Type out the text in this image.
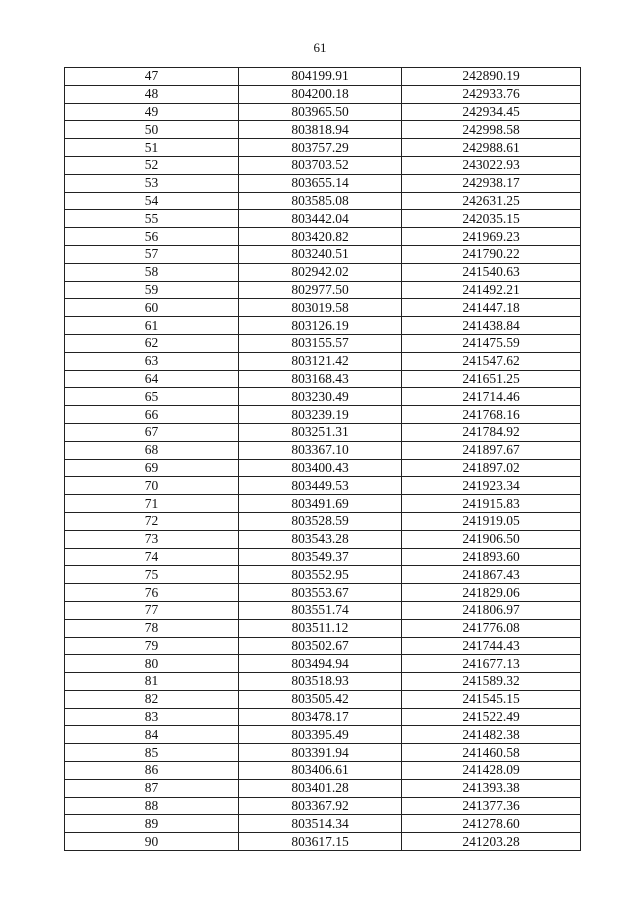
61
47	804199.91	242890.19
48	804200.18	242933.76
49	803965.50	242934.45
50	803818.94	242998.58
51	803757.29	242988.61
52	803703.52	243022.93
53	803655.14	242938.17
54	803585.08	242631.25
55	803442.04	242035.15
56	803420.82	241969.23
57	803240.51	241790.22
58	802942.02	241540.63
59	802977.50	241492.21
60	803019.58	241447.18
61	803126.19	241438.84
62	803155.57	241475.59
63	803121.42	241547.62
64	803168.43	241651.25
65	803230.49	241714.46
66	803239.19	241768.16
67	803251.31	241784.92
68	803367.10	241897.67
69	803400.43	241897.02
70	803449.53	241923.34
71	803491.69	241915.83
72	803528.59	241919.05
73	803543.28	241906.50
74	803549.37	241893.60
75	803552.95	241867.43
76	803553.67	241829.06
77	803551.74	241806.97
78	803511.12	241776.08
79	803502.67	241744.43
80	803494.94	241677.13
81	803518.93	241589.32
82	803505.42	241545.15
83	803478.17	241522.49
84	803395.49	241482.38
85	803391.94	241460.58
86	803406.61	241428.09
87	803401.28	241393.38
88	803367.92	241377.36
89	803514.34	241278.60
90	803617.15	241203.28
